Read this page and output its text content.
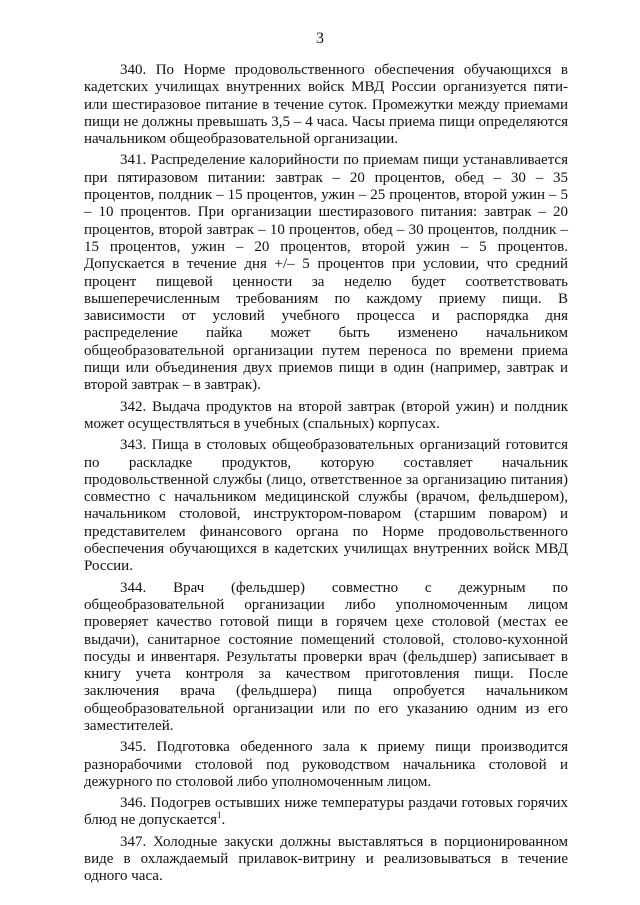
3

340. По Норме продовольственного обеспечения обучающихся в кадетских училищах внутренних войск МВД России организуется пяти- или шестиразовое питание в течение суток. Промежутки между приемами пищи не должны превышать 3,5 – 4 часа. Часы приема пищи определяются начальником общеобразовательной организации.

341. Распределение калорийности по приемам пищи устанавливается при пятиразовом питании: завтрак – 20 процентов, обед – 30 – 35 процентов, полдник – 15 процентов, ужин – 25 процентов, второй ужин – 5 – 10 процентов. При организации шестиразового питания: завтрак – 20 процентов, второй завтрак – 10 процентов, обед – 30 процентов, полдник – 15 процентов, ужин – 20 процентов, второй ужин – 5 процентов. Допускается в течение дня +/– 5 процентов при условии, что средний процент пищевой ценности за неделю будет соответствовать вышеперечисленным требованиям по каждому приему пищи. В зависимости от условий учебного процесса и распорядка дня распределение пайка может быть изменено начальником общеобразовательной организации путем переноса по времени приема пищи или объединения двух приемов пищи в один (например, завтрак и второй завтрак – в завтрак).

342. Выдача продуктов на второй завтрак (второй ужин) и полдник может осуществляться в учебных (спальных) корпусах.

343. Пища в столовых общеобразовательных организаций готовится по раскладке продуктов, которую составляет начальник продовольственной службы (лицо, ответственное за организацию питания) совместно с начальником медицинской службы (врачом, фельдшером), начальником столовой, инструктором-поваром (старшим поваром) и представителем финансового органа по Норме продовольственного обеспечения обучающихся в кадетских училищах внутренних войск МВД России.

344. Врач (фельдшер) совместно с дежурным по общеобразовательной организации либо уполномоченным лицом проверяет качество готовой пищи в горячем цехе столовой (местах ее выдачи), санитарное состояние помещений столовой, столово-кухонной посуды и инвентаря. Результаты проверки врач (фельдшер) записывает в книгу учета контроля за качеством приготовления пищи. После заключения врача (фельдшера) пища опробуется начальником общеобразовательной организации или по его указанию одним из его заместителей.

345. Подготовка обеденного зала к приему пищи производится разнорабочими столовой под руководством начальника столовой и дежурного по столовой либо уполномоченным лицом.

346. Подогрев остывших ниже температуры раздачи готовых горячих блюд не допускается$^1$.

347. Холодные закуски должны выставляться в порционированном виде в охлаждаемый прилавок-витрину и реализовываться в течение одного часа.
